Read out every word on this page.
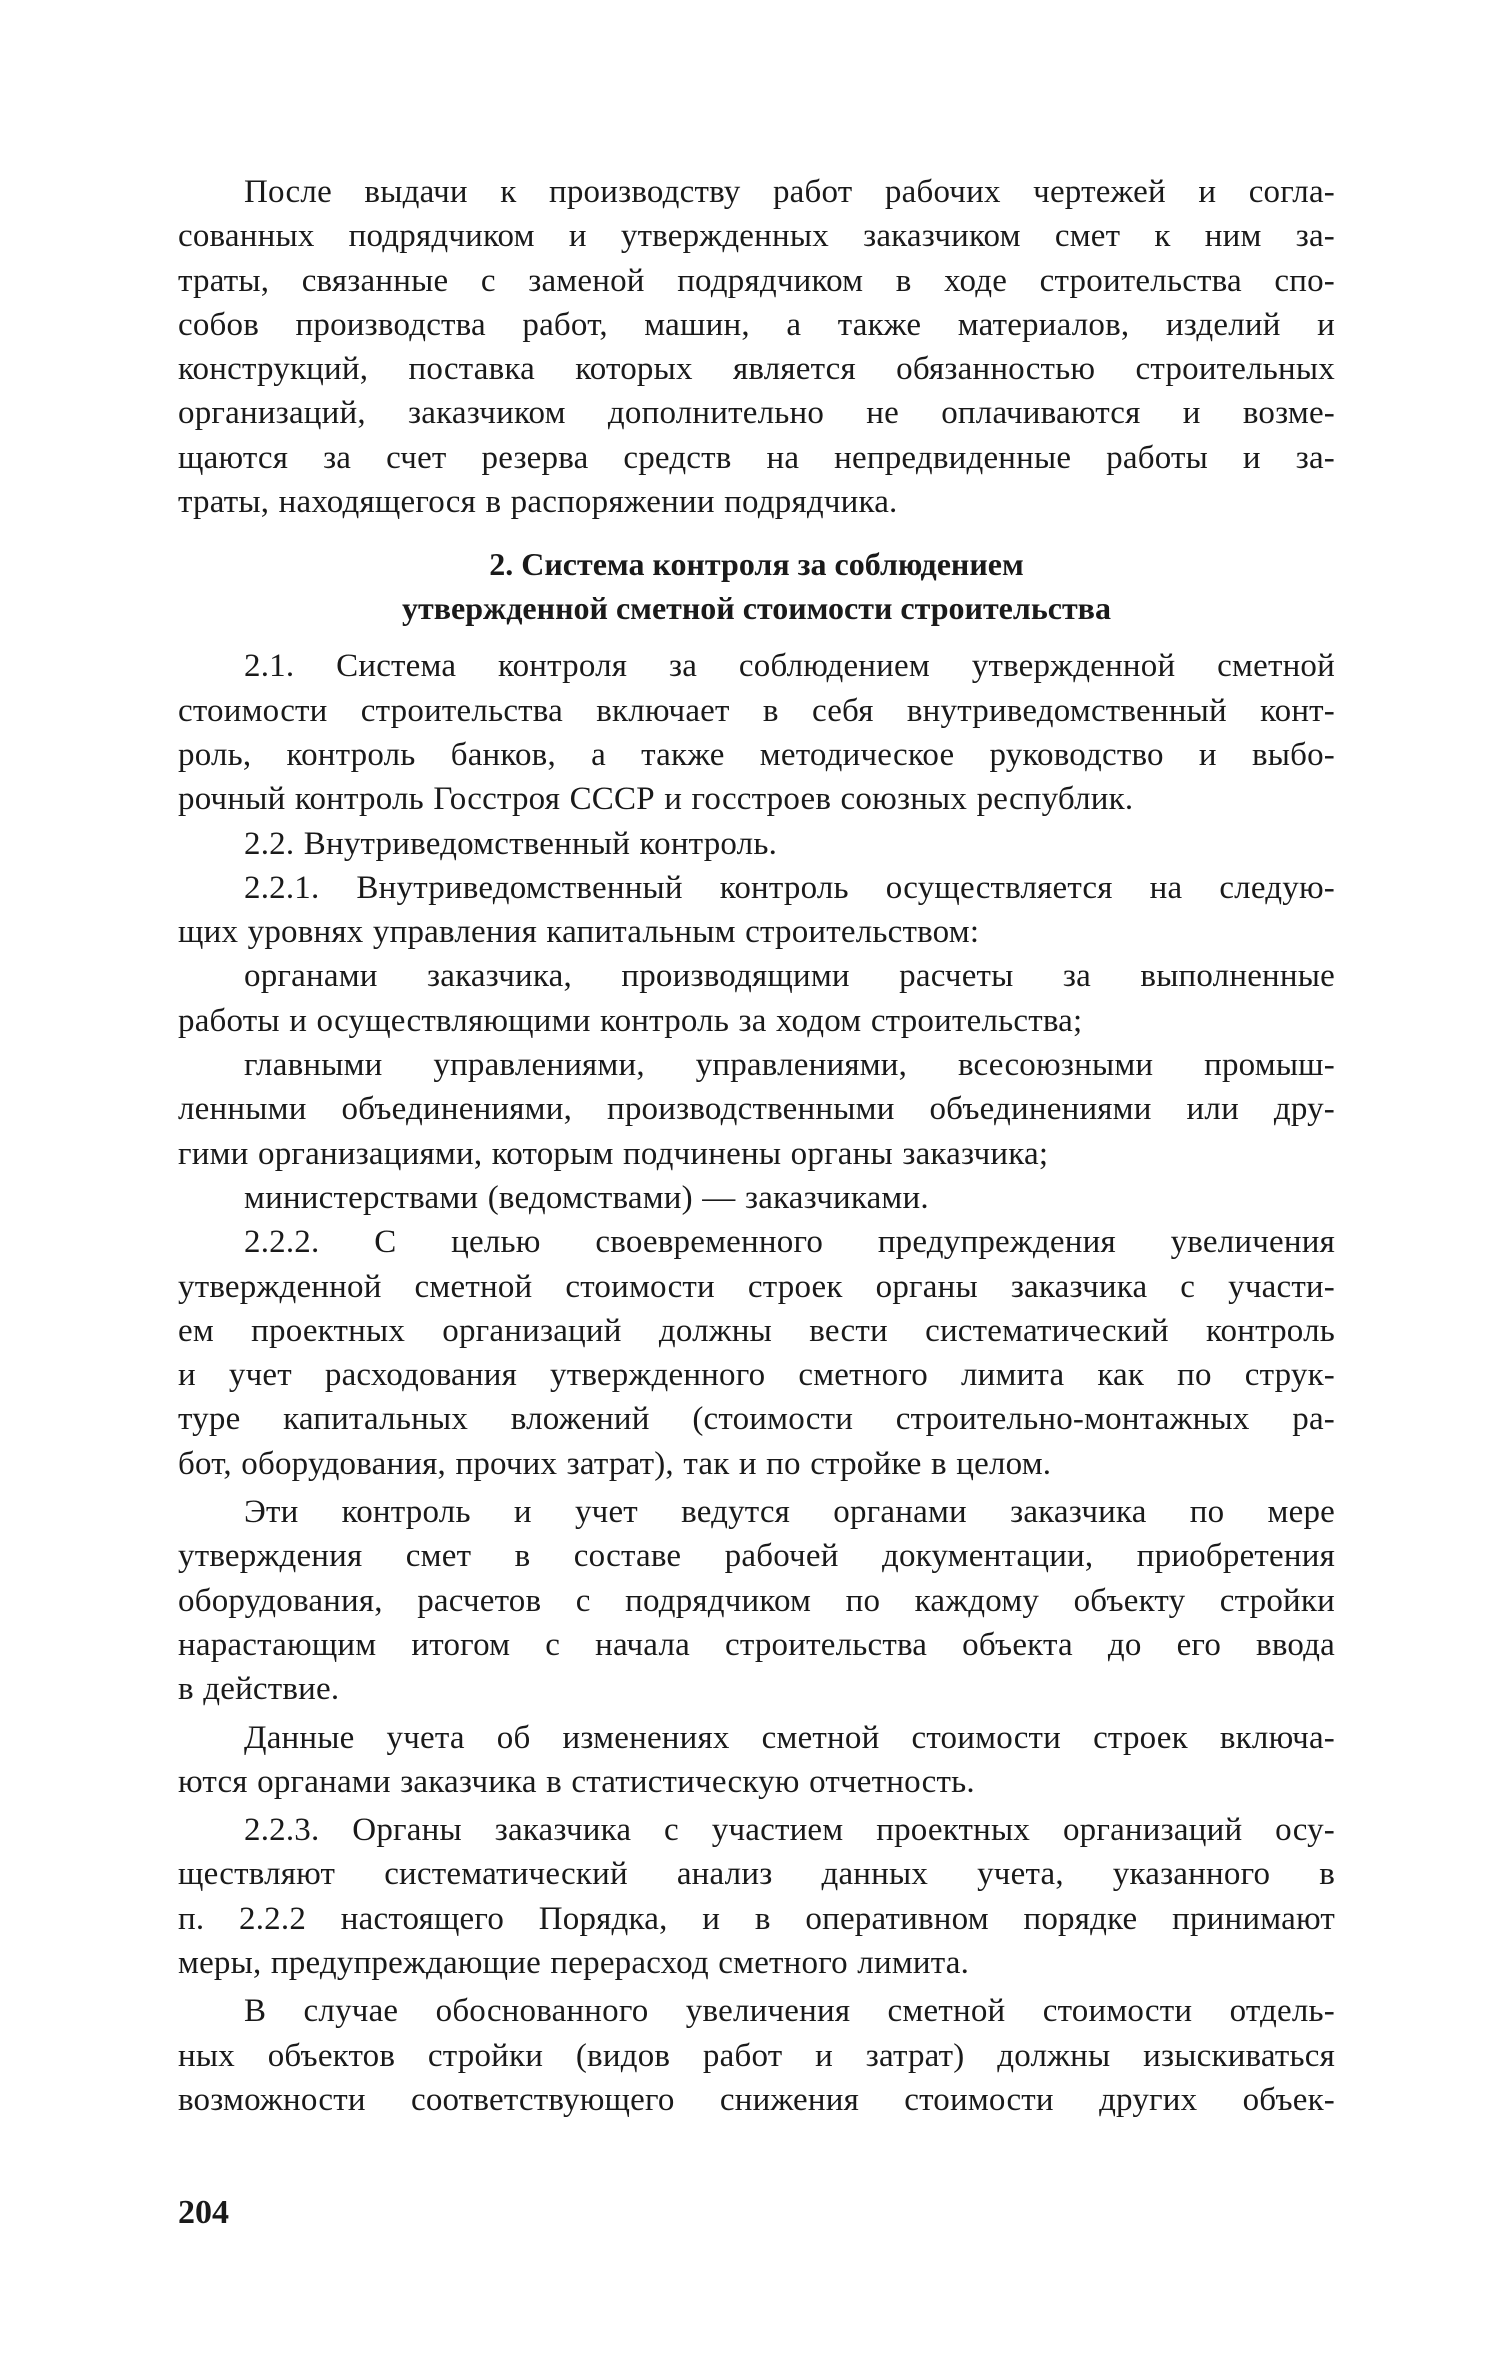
После выдачи к производству работ рабочих чертежей и согла-
сованных подрядчиком и утвержденных заказчиком смет к ним за-
траты, связанные с заменой подрядчиком в ходе строительства спо-
собов производства работ, машин, а также материалов, изделий и
конструкций, поставка которых является обязанностью строительных
организаций, заказчиком дополнительно не оплачиваются и возме-
щаются за счет резерва средств на непредвиденные работы и за-
траты, находящегося в распоряжении подрядчика.

2. Система контроля за соблюдением

утвержденной сметной стоимости строительства

2.1. Система контроля за соблюдением утвержденной сметной
стоимости строительства включает в себя внутриведомственный конт-
роль, контроль банков, а также методическое руководство и выбо-
рочный контроль Госстроя СССР и госстроев союзных республик.
2.2. Внутриведомственный контроль.
2.2.1. Внутриведомственный контроль осуществляется на следую-
щих уровнях управления капитальным строительством:
органами заказчика, производящими расчеты за выполненные
работы и осуществляющими контроль за ходом строительства;
главными управлениями, управлениями, всесоюзными промыш-
ленными объединениями, производственными объединениями или дру-
гими организациями, которым подчинены органы заказчика;
министерствами (ведомствами) — заказчиками.
2.2.2. С целью своевременного предупреждения увеличения
утвержденной сметной стоимости строек органы заказчика с участи-
ем проектных организаций должны вести систематический контроль
и учет расходования утвержденного сметного лимита как по струк-
туре капитальных вложений (стоимости строительно-монтажных ра-
бот, оборудования, прочих затрат), так и по стройке в целом.
Эти контроль и учет ведутся органами заказчика по мере
утверждения смет в составе рабочей документации, приобретения
оборудования, расчетов с подрядчиком по каждому объекту стройки
нарастающим итогом с начала строительства объекта до его ввода
в действие.
Данные учета об изменениях сметной стоимости строек включа-
ются органами заказчика в статистическую отчетность.
2.2.3. Органы заказчика с участием проектных организаций осу-
ществляют систематический анализ данных учета, указанного в
п. 2.2.2 настоящего Порядка, и в оперативном порядке принимают
меры, предупреждающие перерасход сметного лимита.
В случае обоснованного увеличения сметной стоимости отдель-
ных объектов стройки (видов работ и затрат) должны изыскиваться
возможности соответствующего снижения стоимости других объек-
204
